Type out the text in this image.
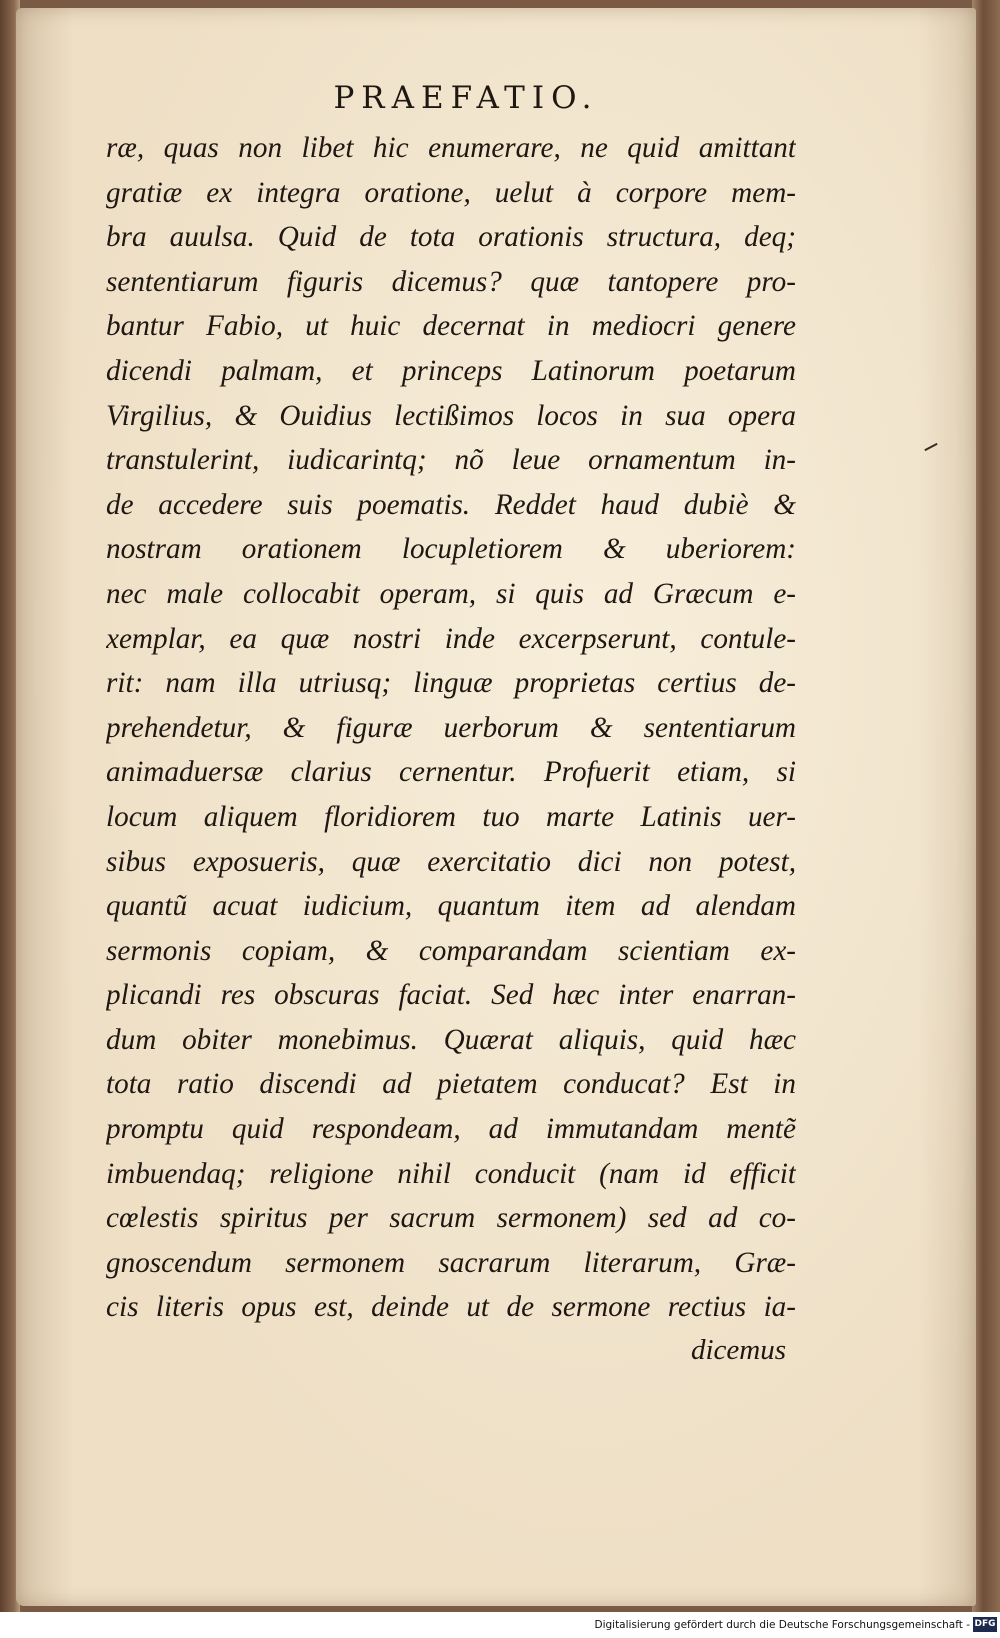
PRAEFATIO.
ræ, quas non libet hic enumerare, ne quid amittant
gratiæ ex integra oratione, uelut à corpore mem-
bra auulsa. Quid de tota orationis structura, deq;
sententiarum figuris dicemus? quæ tantopere pro-
bantur Fabio, ut huic decernat in mediocri genere
dicendi palmam, et princeps Latinorum poetarum
Virgilius, & Ouidius lectißimos locos in sua opera
transtulerint, iudicarintq; nõ leue ornamentum in-
de accedere suis poematis. Reddet haud dubiè &
nostram orationem locupletiorem & uberiorem:
nec male collocabit operam, si quis ad Græcum e-
xemplar, ea quæ nostri inde excerpserunt, contule-
rit: nam illa utriusq; linguæ proprietas certius de-
prehendetur, & figuræ uerborum & sententiarum
animaduersæ clarius cernentur. Profuerit etiam, si
locum aliquem floridiorem tuo marte Latinis uer-
sibus exposueris, quæ exercitatio dici non potest,
quantũ acuat iudicium, quantum item ad alendam
sermonis copiam, & comparandam scientiam ex-
plicandi res obscuras faciat. Sed hæc inter enarran-
dum obiter monebimus. Quærat aliquis, quid hæc
tota ratio discendi ad pietatem conducat? Est in
promptu quid respondeam, ad immutandam mentẽ
imbuendaq; religione nihil conducit (nam id efficit
cœlestis spiritus per sacrum sermonem) sed ad co-
gnoscendum sermonem sacrarum literarum, Græ-
cis literis opus est, deinde ut de sermone rectius ia-
dicemus
Digitalisierung gefördert durch die Deutsche Forschungsgemeinschaft - DFG
